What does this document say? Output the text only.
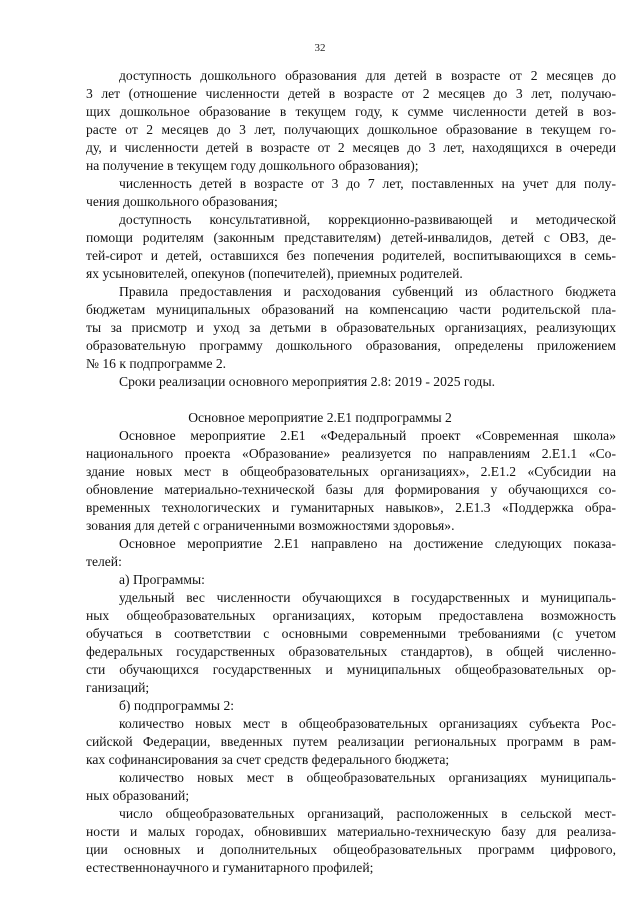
32
доступность дошкольного образования для детей в возрасте от 2 месяцев до
3 лет (отношение численности детей в возрасте от 2 месяцев до 3 лет, получаю-
щих дошкольное образование в текущем году, к сумме численности детей в воз-
расте от 2 месяцев до 3 лет, получающих дошкольное образование в текущем го-
ду, и численности детей в возрасте от 2 месяцев до 3 лет, находящихся в очереди
на получение в текущем году дошкольного образования);
численность детей в возрасте от 3 до 7 лет, поставленных на учет для полу-
чения дошкольного образования;
доступность консультативной, коррекционно-развивающей и методической
помощи родителям (законным представителям) детей-инвалидов, детей с ОВЗ, де-
тей-сирот и детей, оставшихся без попечения родителей, воспитывающихся в семь-
ях усыновителей, опекунов (попечителей), приемных родителей.
Правила предоставления и расходования субвенций из областного бюджета
бюджетам муниципальных образований на компенсацию части родительской пла-
ты за присмотр и уход за детьми в образовательных организациях, реализующих
образовательную программу дошкольного образования, определены приложением
№ 16 к подпрограмме 2.
Сроки реализации основного мероприятия 2.8: 2019 - 2025 годы.
Основное мероприятие 2.Е1 подпрограммы 2
Основное мероприятие 2.Е1 «Федеральный проект «Современная школа»
национального проекта «Образование» реализуется по направлениям 2.Е1.1 «Со-
здание новых мест в общеобразовательных организациях», 2.Е1.2 «Субсидии на
обновление материально-технической базы для формирования у обучающихся со-
временных технологических и гуманитарных навыков», 2.Е1.3 «Поддержка обра-
зования для детей с ограниченными возможностями здоровья».
Основное мероприятие 2.Е1 направлено на достижение следующих показа-
телей:
а) Программы:
удельный вес численности обучающихся в государственных и муниципаль-
ных общеобразовательных организациях, которым предоставлена возможность
обучаться в соответствии с основными современными требованиями (с учетом
федеральных государственных образовательных стандартов), в общей численно-
сти обучающихся государственных и муниципальных общеобразовательных ор-
ганизаций;
б) подпрограммы 2:
количество новых мест в общеобразовательных организациях субъекта Рос-
сийской Федерации, введенных путем реализации региональных программ в рам-
ках софинансирования за счет средств федерального бюджета;
количество новых мест в общеобразовательных организациях муниципаль-
ных образований;
число общеобразовательных организаций, расположенных в сельской мест-
ности и малых городах, обновивших материально-техническую базу для реализа-
ции основных и дополнительных общеобразовательных программ цифрового,
естественнонаучного и гуманитарного профилей;
